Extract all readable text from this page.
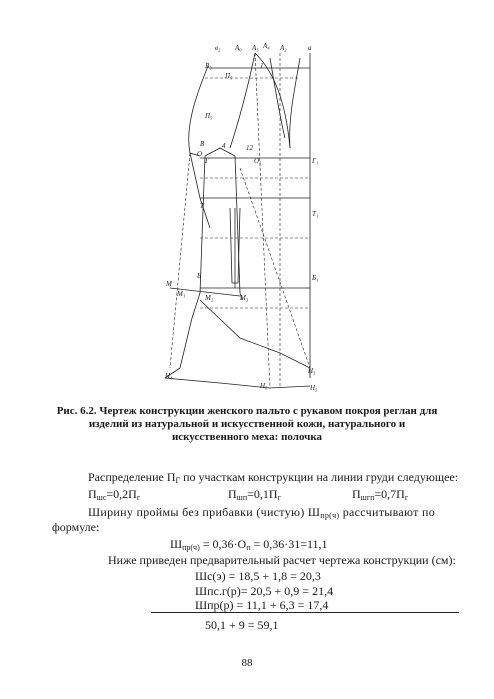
в₂ А₀ А₅ А₄ A₂	a
В₀
П₅
П₅
В
О
Г	О₁	Г₁
Т₁
Т
Б	Б₁
М
М₁	М₂	М₃
Н₅
Н₆
Н₄
Н₃
4	12
1
Рис. 6.2. Чертеж конструкции женского пальто с рукавом покроя реглан для изделий из натуральной и искусственной кожи, натурального и искусственного меха: полочка
Распределение $П_Г$ по участкам конструкции на линии груди следующее:
$П_{шс}=0,2П_г$	$П_{шп}=0,1П_г$	$П_{шгп}=0,7П_г$
Ширину проймы без прибавки (чистую) $Ш_{пр(ч)}$ рассчитывают по
формуле:
$Ш_{пр(ч)} = 0,36\cdot О_п = 0,36\cdot 31=11,1$
Ниже приведен предварительный расчет чертежа конструкции (см):
Шс(э) = 18,5 + 1,8 = 20,3
Шпс.г(р)= 20,5 + 0,9 = 21,4
Шпр(р) = 11,1 + 6,3 = 17,4
50,1 + 9 = 59,1
88
